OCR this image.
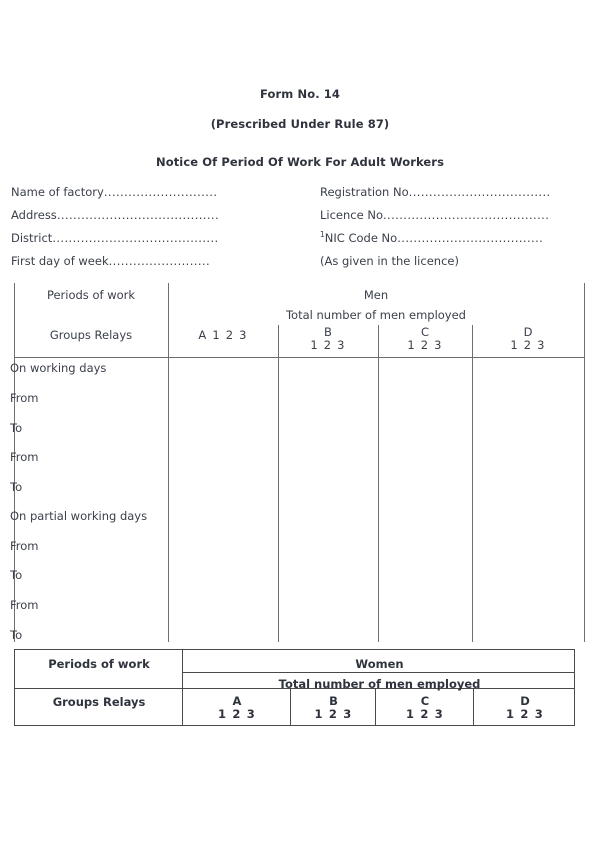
Form No. 14
(Prescribed Under Rule 87)
Notice Of Period Of Work For Adult Workers
Name of factory............................
Address........................................
District.........................................
First day of week.........................
Registration No...................................
Licence No.........................................
$^1$NIC Code No....................................
(As given in the licence)
Periods of work
Groups Relays
Men
Total number of men employed
A 1 2 3	B
1 2 3
C
1 2 3
D
1 2 3
On working days
From
To
From
To
On partial working days
From
To
From
To
Periods of work
Groups Relays
Women
Total number of men employed
A
1 2 3
B
1 2 3
C
1 2 3
D
1 2 3
